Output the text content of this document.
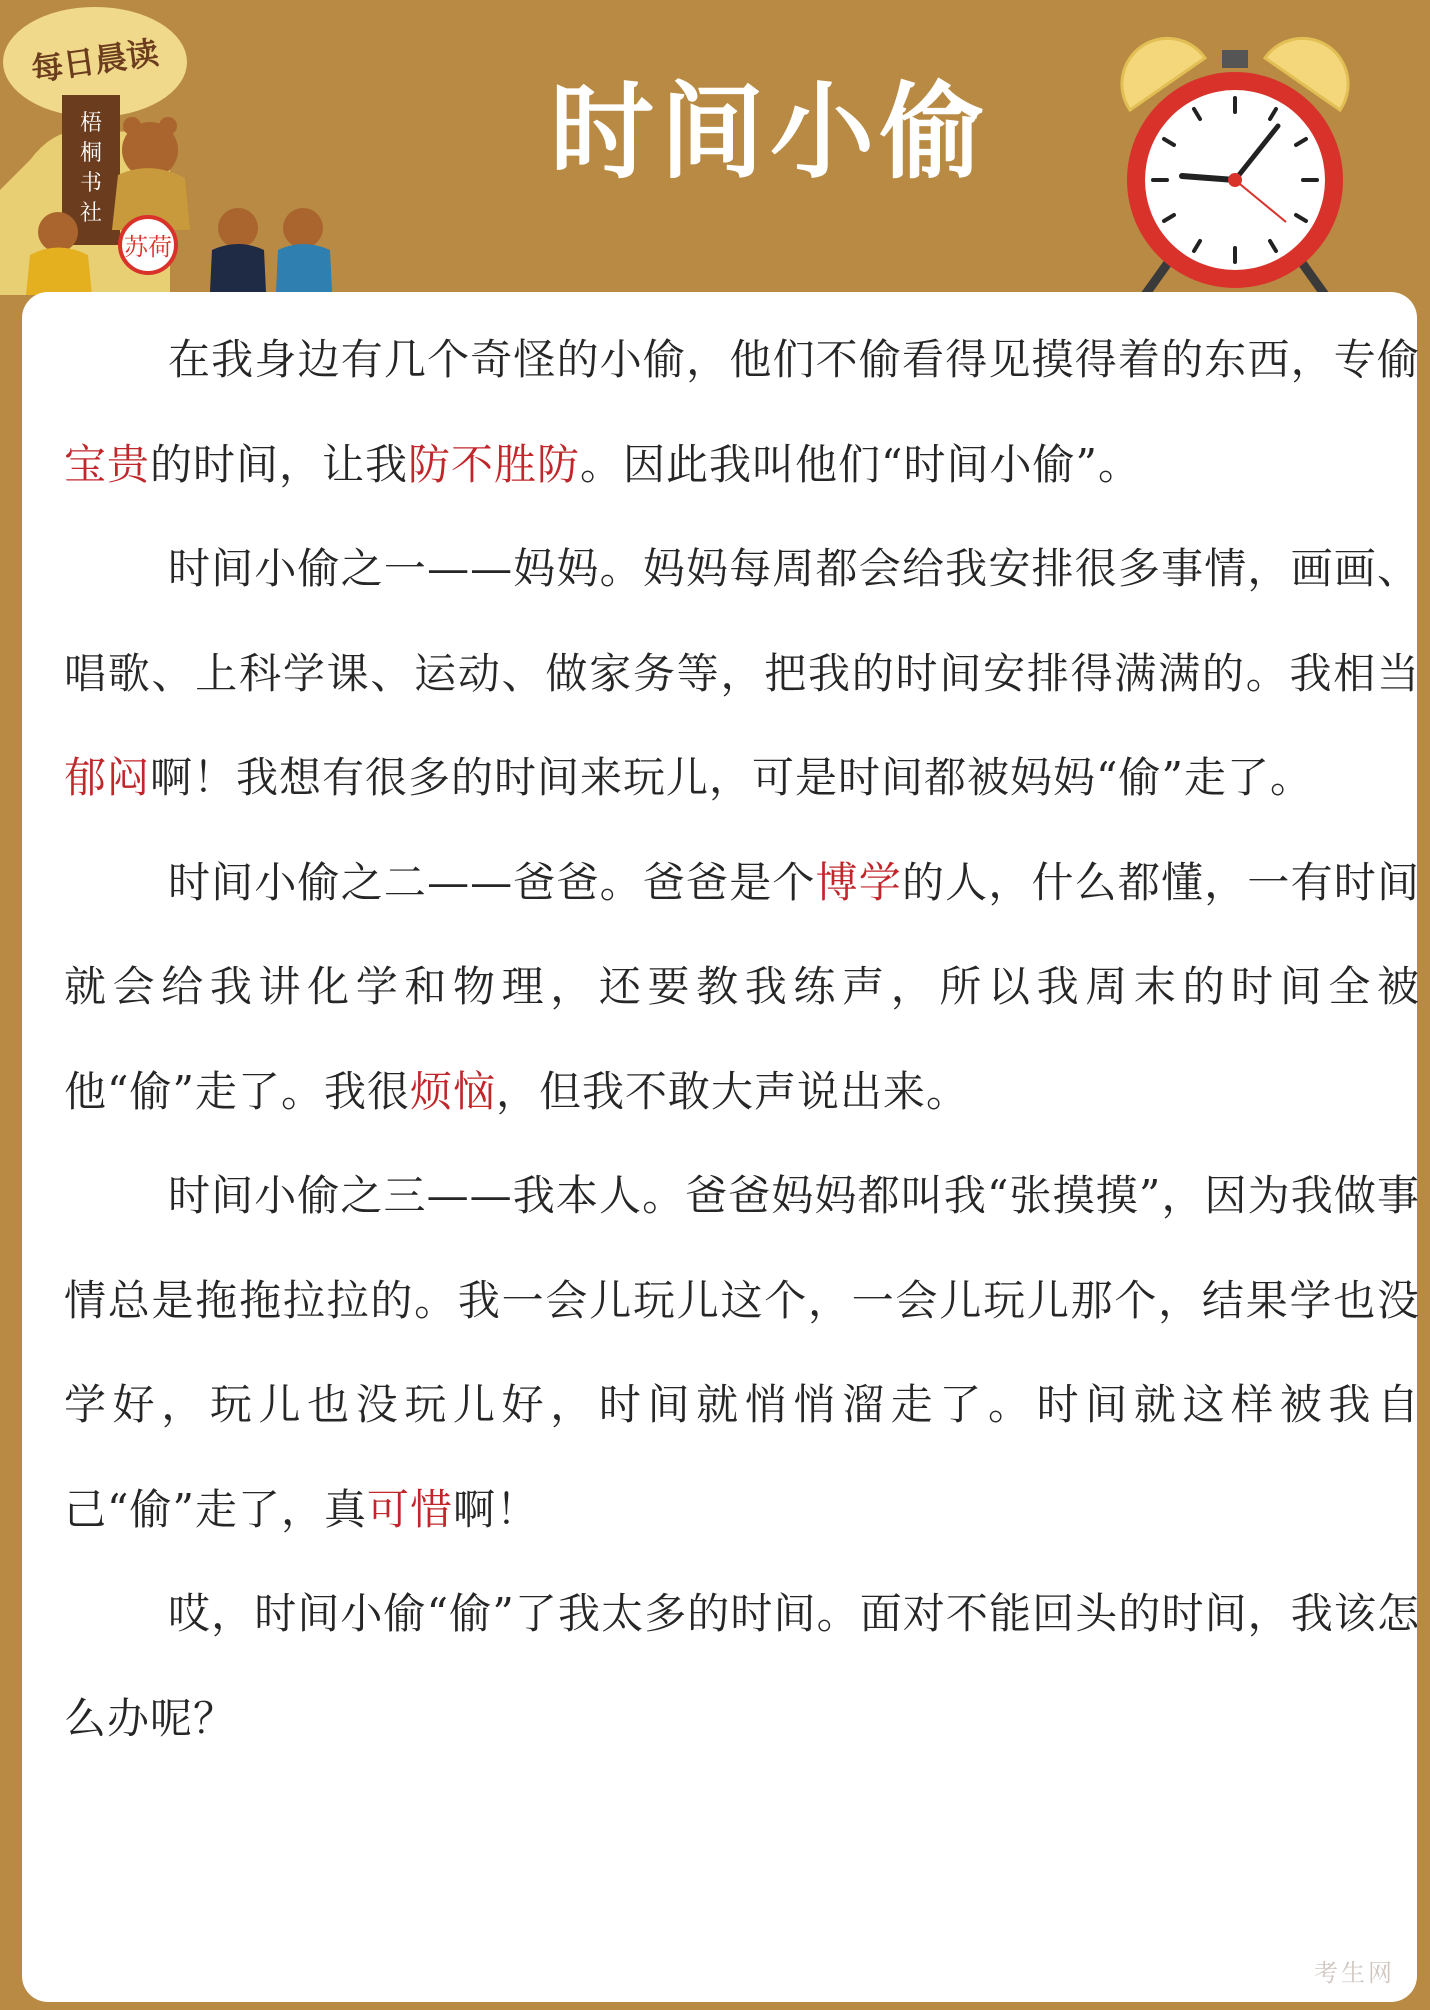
梧
桐
书
社
每日晨读
苏荷
时间小偷

在我身边有几个奇怪的小偷，他们不偷看得见摸得着的东西，专偷宝贵的时间，让我防不胜防。因此我叫他们“时间小偷”。

时间小偷之一——妈妈。妈妈每周都会给我安排很多事情，画画、唱歌、上科学课、运动、做家务等，把我的时间安排得满满的。我相当郁闷啊！我想有很多的时间来玩儿，可是时间都被妈妈“偷”走了。

时间小偷之二——爸爸。爸爸是个博学的人，什么都懂，一有时间就会给我讲化学和物理，还要教我练声，所以我周末的时间全被他“偷”走了。我很烦恼，但我不敢大声说出来。

时间小偷之三——我本人。爸爸妈妈都叫我“张摸摸”，因为我做事情总是拖拖拉拉的。我一会儿玩儿这个，一会儿玩儿那个，结果学也没学好，玩儿也没玩儿好，时间就悄悄溜走了。时间就这样被我自己“偷”走了，真可惜啊！

哎，时间小偷“偷”了我太多的时间。面对不能回头的时间，我该怎么办呢？

考生网
